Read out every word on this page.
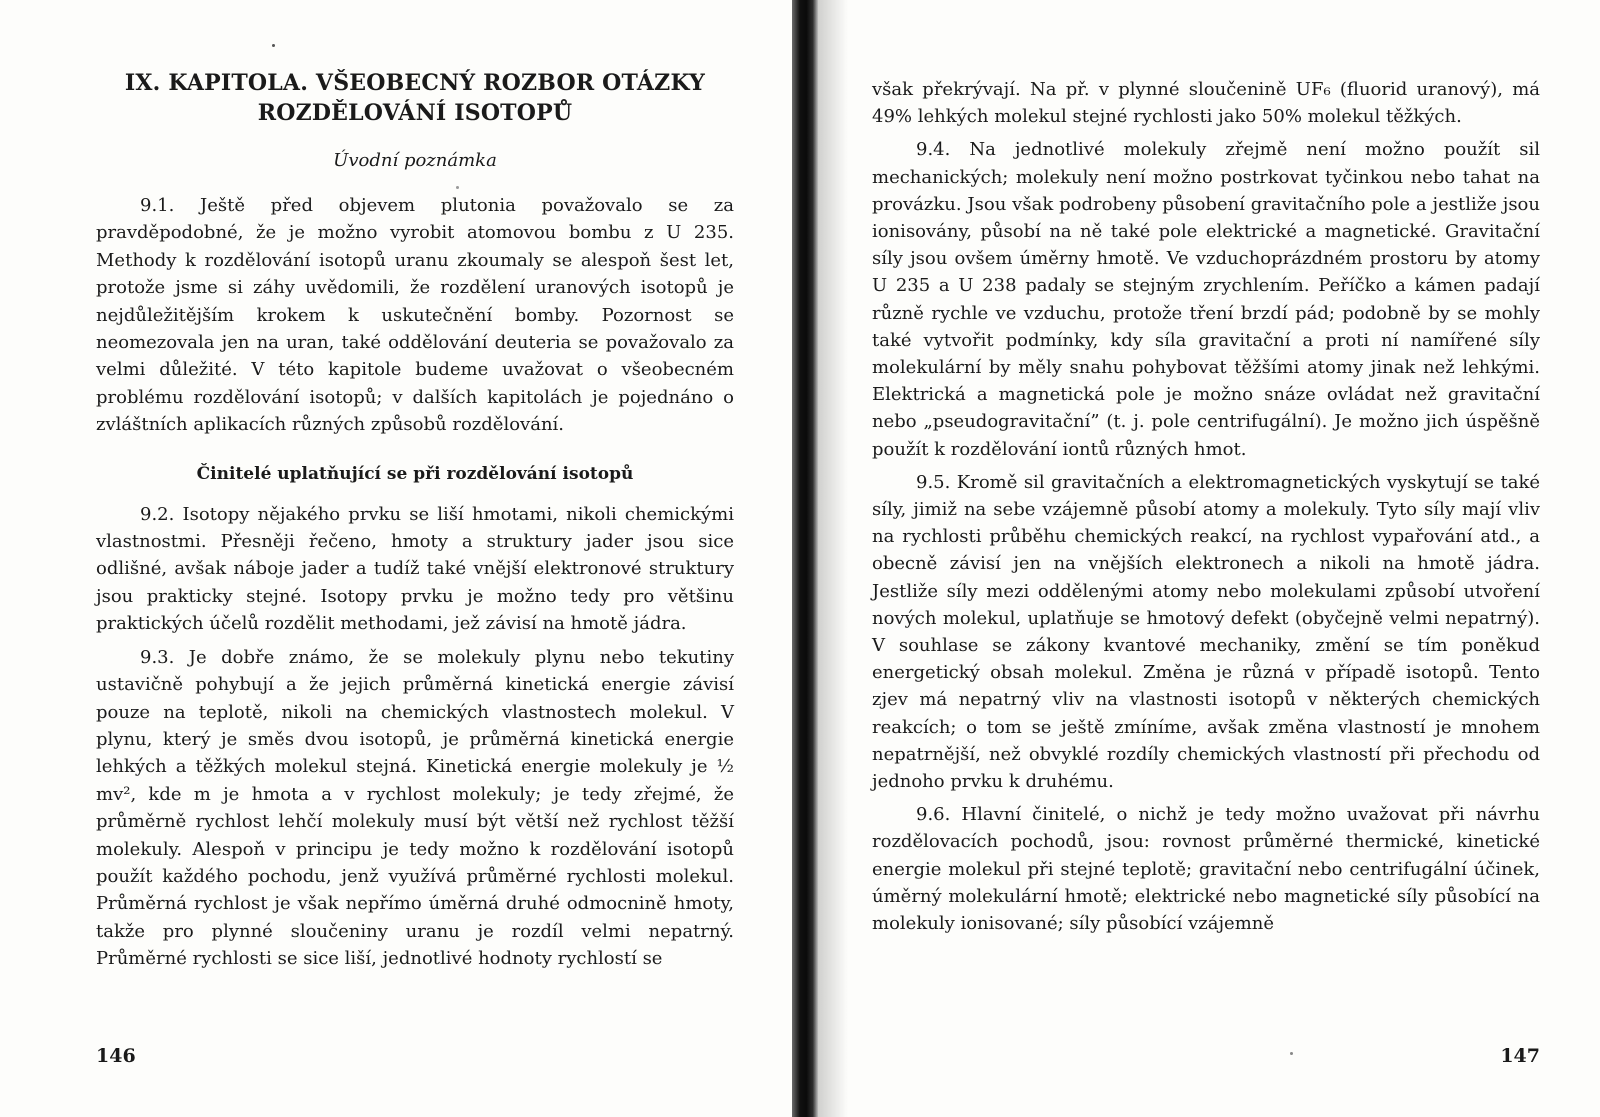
IX. KAPITOLA. VŠEOBECNÝ ROZBOR OTÁZKY
ROZDĚLOVÁNÍ ISOTOPŮ
Úvodní poznámka

9.1. Ještě před objevem plutonia považovalo se za pravděpodobné, že je možno vyrobit atomovou bombu z U 235. Methody k rozdělování isotopů uranu zkoumaly se alespoň šest let, protože jsme si záhy uvědomili, že rozdělení uranových isotopů je nejdůležitějším krokem k uskutečnění bomby. Pozornost se neomezovala jen na uran, také oddělování deuteria se považovalo za velmi důležité. V této kapitole budeme uvažovat o všeobecném problému rozdělování isotopů; v dalších kapitolách je pojednáno o zvláštních aplikacích různých způsobů rozdělování.

Činitelé uplatňující se při rozdělování isotopů

9.2. Isotopy nějakého prvku se liší hmotami, nikoli chemickými vlastnostmi. Přesněji řečeno, hmoty a struktury jader jsou sice odlišné, avšak náboje jader a tudíž také vnější elektronové struktury jsou prakticky stejné. Isotopy prvku je možno tedy pro většinu praktických účelů rozdělit methodami, jež závisí na hmotě jádra.

9.3. Je dobře známo, že se molekuly plynu nebo tekutiny ustavičně pohybují a že jejich průměrná kinetická energie závisí pouze na teplotě, nikoli na chemických vlastnostech molekul. V plynu, který je směs dvou isotopů, je průměrná kinetická energie lehkých a těžkých molekul stejná. Kinetická energie molekuly je ½ mv², kde m je hmota a v rychlost molekuly; je tedy zřejmé, že průměrně rychlost lehčí molekuly musí být větší než rychlost těžší molekuly. Alespoň v principu je tedy možno k rozdělování isotopů použít každého pochodu, jenž využívá průměrné rychlosti molekul. Průměrná rychlost je však nepřímo úměrná druhé odmocnině hmoty, takže pro plynné sloučeniny uranu je rozdíl velmi nepatrný. Průměrné rychlosti se sice liší, jednotlivé hodnoty rychlostí se

146

však překrývají. Na př. v plynné sloučenině UF₆ (fluorid uranový), má 49% lehkých molekul stejné rychlosti jako 50% molekul těžkých.

9.4. Na jednotlivé molekuly zřejmě není možno použít sil mechanických; molekuly není možno postrkovat tyčinkou nebo tahat na provázku. Jsou však podrobeny působení gravitačního pole a jestliže jsou ionisovány, působí na ně také pole elektrické a magnetické. Gravitační síly jsou ovšem úměrny hmotě. Ve vzduchoprázdném prostoru by atomy U 235 a U 238 padaly se stejným zrychlením. Peříčko a kámen padají různě rychle ve vzduchu, protože tření brzdí pád; podobně by se mohly také vytvořit podmínky, kdy síla gravitační a proti ní namířené síly molekulární by měly snahu pohybovat těžšími atomy jinak než lehkými. Elektrická a magnetická pole je možno snáze ovládat než gravitační nebo „pseudogravitační” (t. j. pole centrifugální). Je možno jich úspěšně použít k rozdělování iontů různých hmot.

9.5. Kromě sil gravitačních a elektromagnetických vyskytují se také síly, jimiž na sebe vzájemně působí atomy a molekuly. Tyto síly mají vliv na rychlosti průběhu chemických reakcí, na rychlost vypařování atd., a obecně závisí jen na vnějších elektronech a nikoli na hmotě jádra. Jestliže síly mezi oddělenými atomy nebo molekulami způsobí utvoření nových molekul, uplatňuje se hmotový defekt (obyčejně velmi nepatrný). V souhlase se zákony kvantové mechaniky, změní se tím poněkud energetický obsah molekul. Změna je různá v případě isotopů. Tento zjev má nepatrný vliv na vlastnosti isotopů v některých chemických reakcích; o tom se ještě zmíníme, avšak změna vlastností je mnohem nepatrnější, než obvyklé rozdíly chemických vlastností při přechodu od jednoho prvku k druhému.

9.6. Hlavní činitelé, o nichž je tedy možno uvažovat při návrhu rozdělovacích pochodů, jsou: rovnost průměrné thermické, kinetické energie molekul při stejné teplotě; gravitační nebo centrifugální účinek, úměrný molekulární hmotě; elektrické nebo magnetické síly působící na molekuly ionisované; síly působící vzájemně

147
